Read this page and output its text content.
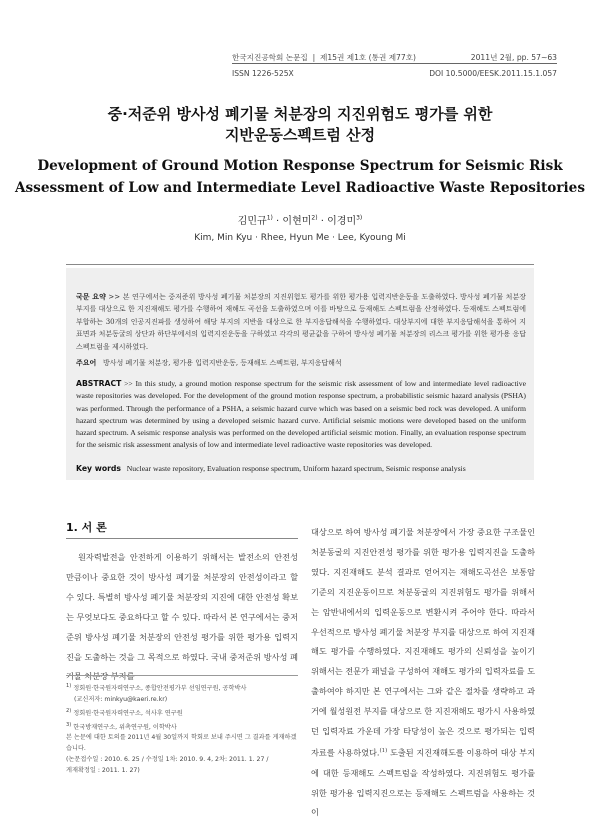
한국지진공학회 논문집  |  제15권 제1호 (통권 제77호)	2011년 2월, pp. 57~63
ISSN 1226-525X	DOI 10.5000/EESK.2011.15.1.057
중·저준위 방사성 폐기물 처분장의 지진위험도 평가를 위한
지반운동스펙트럼 산정
Development of Ground Motion Response Spectrum for Seismic Risk
Assessment of Low and Intermediate Level Radioactive Waste Repositories
김민규$^{1)}$ · 이현미$^{2)}$ · 이경미$^{3)}$
Kim, Min Kyu · Rhee, Hyun Me · Lee, Kyoung Mi
국문 요약 >> 본 연구에서는 중저준위 방사성 폐기물 처분장의 지진위험도 평가를 위한 평가용 입력지반운동을 도출하였다. 방사성 폐기물 처분장 부지를 대상으로 한 지진재해도 평가를 수행하여 재해도 곡선을 도출하였으며 이를 바탕으로 등재해도 스펙트럼을 산정하였다. 등재해도 스펙트럼에 부합하는 30개의 인공지진파를 생성하여 해당 부지의 지반을 대상으로 한 부지응답해석을 수행하였다. 대상부지에 대한 부지응답해석을 통하여 지표면과 처분동굴의 상단과 하단부에서의 입력지진운동을 구하였고 각각의 평균값을 구하여 방사성 폐기물 처분장의 리스크 평가를 위한 평가용 응답스펙트럼을 제시하였다.
주요어 방사성 폐기물 처분장, 평가용 입력지반운동, 등재해도 스펙트럼, 부지응답해석
ABSTRACT >> In this study, a ground motion response spectrum for the seismic risk assessment of low and intermediate level radioactive waste repositories was developed. For the development of the ground motion response spectrum, a probabilistic seismic hazard analysis (PSHA) was performed. Through the performance of a PSHA, a seismic hazard curve which was based on a seismic bed rock was developed. A uniform hazard spectrum was determined by using a developed seismic hazard curve. Artificial seismic motions were developed based on the uniform hazard spectrum. A seismic response analysis was performed on the developed artificial seismic motion. Finally, an evaluation response spectrum for the seismic risk assessment analysis of low and intermediate level radioactive waste repositories was developed.
Key words Nuclear waste repository, Evaluation response spectrum, Uniform hazard spectrum, Seismic response analysis
1. 서 론
원자력발전을 안전하게 이용하기 위해서는 발전소의 안전성 만큼이나 중요한 것이 방사성 폐기물 처분장의 안전성이라고 할 수 있다. 특별히 방사성 폐기물 처분장의 지진에 대한 안전성 확보는 무엇보다도 중요하다고 할 수 있다. 따라서 본 연구에서는 중저준위 방사성 폐기물 처분장의 안전성 평가를 위한 평가용 입력지진을 도출하는 것을 그 목적으로 하였다. 국내 중저준위 방사성 폐기물 처분장 부지를
대상으로 하여 방사성 폐기물 처분장에서 가장 중요한 구조물인 처분동굴의 지진안전성 평가를 위한 평가용 입력지진을 도출하였다. 지진재해도 분석 결과로 얻어지는 재해도곡선은 보통암 기준의 지진운동이므로 처분동굴의 지진위험도 평가를 위해서는 암반내에서의 입력운동으로 변환시켜 주어야 한다. 따라서 우선적으로 방사성 폐기물 처분장 부지를 대상으로 하여 지진재해도 평가를 수행하였다. 지진재해도 평가의 신뢰성을 높이기 위해서는 전문가 패널을 구성하여 재해도 평가의 입력자료를 도출하여야 하지만 본 연구에서는 그와 같은 절차를 생략하고 과거에 월성원전 부지를 대상으로 한 지진재해도 평가시 사용하였던 입력자료 가운데 가장 타당성이 높은 것으로 평가되는 입력자료를 사용하였다.$^{(1)}$ 도출된 지진재해도를 이용하여 대상 부지에 대한 등재해도 스펙트럼을 작성하였다. 지진위험도 평가를 위한 평가용 입력지진으로는 등재해도 스펙트럼을 사용하는 것이
$^{1)}$ 정회원·한국원자력연구소, 종합안전평가부 선임연구원, 공학박사
(교신저자: minkyu@kaeri.re.kr)
$^{2)}$ 정회원·한국원자력연구소, 석사후 연구원
$^{3)}$ 한국방재연구소, 위촉연구원, 이학박사
본 논문에 대한 토의를 2011년 4월 30일까지 학회로 보내 주시면 그 결과를 게재하겠습니다.
(논문접수일 : 2010. 6. 25 / 수정일 1차: 2010. 9. 4, 2차: 2011. 1. 27 /
게재확정일 : 2011. 1. 27)
